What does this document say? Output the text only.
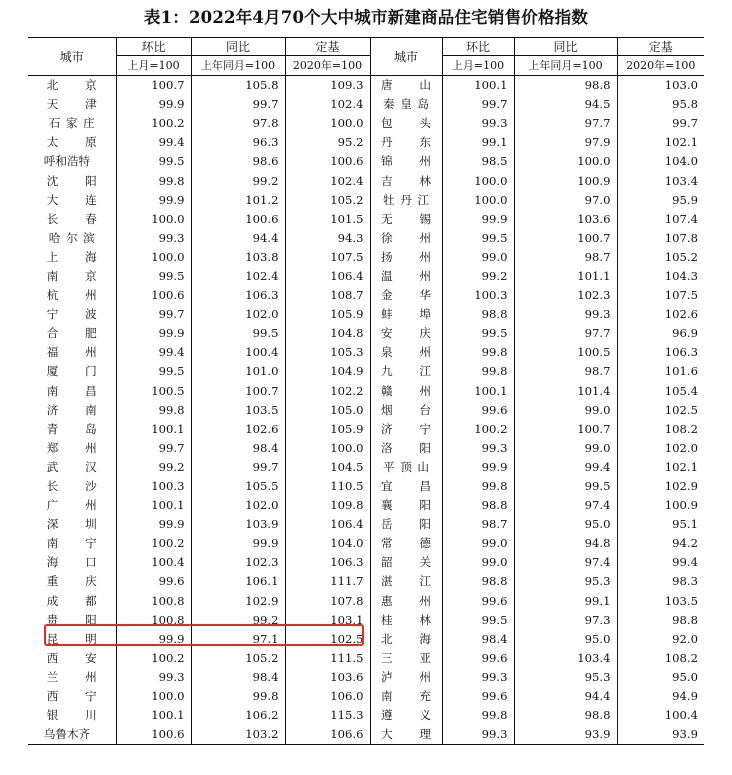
表1：2022年4月70个大中城市新建商品住宅销售价格指数
城市	环比	同比	定基	城市	环比	同比	定基
	上月=100	上年同月=100	2020年=100		上月=100	上年同月=100	2020年=100
北京	100.7	105.8	109.3	唐山	100.1	98.8	103.0
天津	99.9	99.7	102.4	秦皇岛	99.7	94.5	95.8
石家庄	100.2	97.8	100.0	包头	99.3	97.7	99.7
太原	99.4	96.3	95.2	丹东	99.1	97.9	102.1
呼和浩特	99.5	98.6	100.6	锦州	98.5	100.0	104.0
沈阳	99.8	99.2	102.4	吉林	100.0	100.9	103.4
大连	99.9	101.2	105.2	牡丹江	100.0	97.0	95.9
长春	100.0	100.6	101.5	无锡	99.9	103.6	107.4
哈尔滨	99.3	94.4	94.3	徐州	99.5	100.7	107.8
上海	100.0	103.8	107.5	扬州	99.0	98.7	105.2
南京	99.5	102.4	106.4	温州	99.2	101.1	104.3
杭州	100.6	106.3	108.7	金华	100.3	102.3	107.5
宁波	99.7	102.0	105.9	蚌埠	98.8	99.3	102.6
合肥	99.9	99.5	104.8	安庆	99.5	97.7	96.9
福州	99.4	100.4	105.3	泉州	99.8	100.5	106.3
厦门	99.5	101.0	104.9	九江	99.8	98.7	101.6
南昌	100.5	100.7	102.2	赣州	100.1	101.4	105.4
济南	99.8	103.5	105.0	烟台	99.6	99.0	102.5
青岛	100.1	102.6	105.9	济宁	100.2	100.7	108.2
郑州	99.7	98.4	100.0	洛阳	99.3	99.0	102.0
武汉	99.2	99.7	104.5	平顶山	99.9	99.4	102.1
长沙	100.3	105.5	110.5	宜昌	99.8	99.5	102.9
广州	100.1	102.0	109.8	襄阳	98.8	97.4	100.9
深圳	99.9	103.9	106.4	岳阳	98.7	95.0	95.1
南宁	100.2	99.9	104.0	常德	99.0	94.8	94.2
海口	100.4	102.3	106.3	韶关	99.0	97.4	99.4
重庆	99.6	106.1	111.7	湛江	98.8	95.3	98.3
成都	100.8	102.9	107.8	惠州	99.6	99.1	103.5
贵阳	100.8	99.2	103.1	桂林	99.5	97.3	98.8
昆明	99.9	97.1	102.5	北海	98.4	95.0	92.0
西安	100.2	105.2	111.5	三亚	99.6	103.4	108.2
兰州	99.3	98.4	103.6	泸州	99.3	95.3	95.0
西宁	100.0	99.8	106.0	南充	99.6	94.4	94.9
银川	100.1	106.2	115.3	遵义	99.8	98.8	100.4
乌鲁木齐	100.6	103.2	106.6	大理	99.3	93.9	93.9
